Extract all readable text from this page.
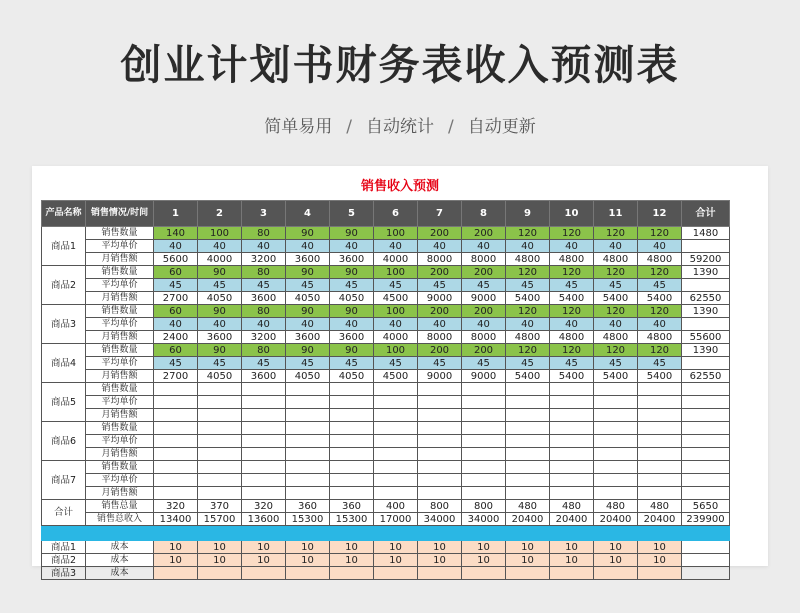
创业计划书财务表收入预测表
简单易用 / 自动统计 / 自动更新
销售收入预测
产品名称	销售情况/时间	1	2	3	4	5	6	7	8	9	10	11	12	合计
商品1	销售数量	140	100	80	90	90	100	200	200	120	120	120	120	1480
	平均单价	40	40	40	40	40	40	40	40	40	40	40	40	
	月销售额	5600	4000	3200	3600	3600	4000	8000	8000	4800	4800	4800	4800	59200
商品2	销售数量	60	90	80	90	90	100	200	200	120	120	120	120	1390
	平均单价	45	45	45	45	45	45	45	45	45	45	45	45	
	月销售额	2700	4050	3600	4050	4050	4500	9000	9000	5400	5400	5400	5400	62550
商品3	销售数量	60	90	80	90	90	100	200	200	120	120	120	120	1390
	平均单价	40	40	40	40	40	40	40	40	40	40	40	40	
	月销售额	2400	3600	3200	3600	3600	4000	8000	8000	4800	4800	4800	4800	55600
商品4	销售数量	60	90	80	90	90	100	200	200	120	120	120	120	1390
	平均单价	45	45	45	45	45	45	45	45	45	45	45	45	
	月销售额	2700	4050	3600	4050	4050	4500	9000	9000	5400	5400	5400	5400	62550
商品5	销售数量													
	平均单价													
	月销售额													
商品6	销售数量													
	平均单价													
	月销售额													
商品7	销售数量													
	平均单价													
	月销售额													
合计	销售总量	320	370	320	360	360	400	800	800	480	480	480	480	5650
	销售总收入	13400	15700	13600	15300	15300	17000	34000	34000	20400	20400	20400	20400	239900

商品1	成本	10	10	10	10	10	10	10	10	10	10	10	10	
商品2	成本	10	10	10	10	10	10	10	10	10	10	10	10	
商品3	成本													
